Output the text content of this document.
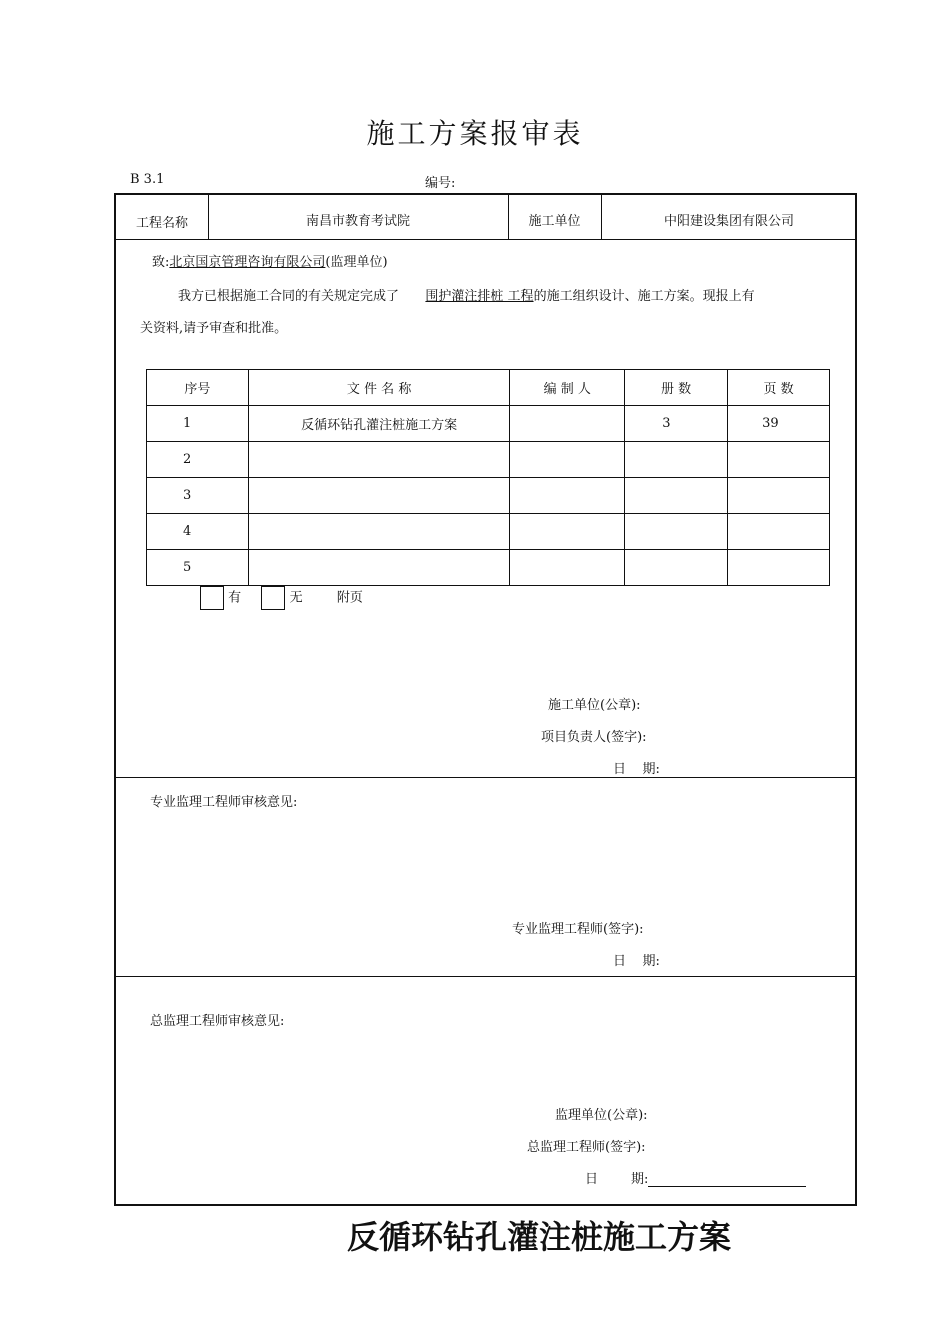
施工方案报审表
B 3.1	编号:
工程名称	南昌市教育考试院	施工单位	中阳建设集团有限公司
致:北京国京管理咨询有限公司(监理单位)
我方已根据施工合同的有关规定完成了 围护灌注排桩 工程的施工组织设计、施工方案。现报上有
关资料,请予审查和批准。
序号	文 件 名 称	编 制 人	册 数	页 数
1	反循环钻孔灌注桩施工方案		3	39
2				
3				
4				
5				
有	无	附页
施工单位(公章):
项目负责人(签字):
日    期:
专业监理工程师审核意见:
专业监理工程师(签字):
日    期:
总监理工程师审核意见:
监理单位(公章):
总监理工程师(签字):
日        期:
反循环钻孔灌注桩施工方案
